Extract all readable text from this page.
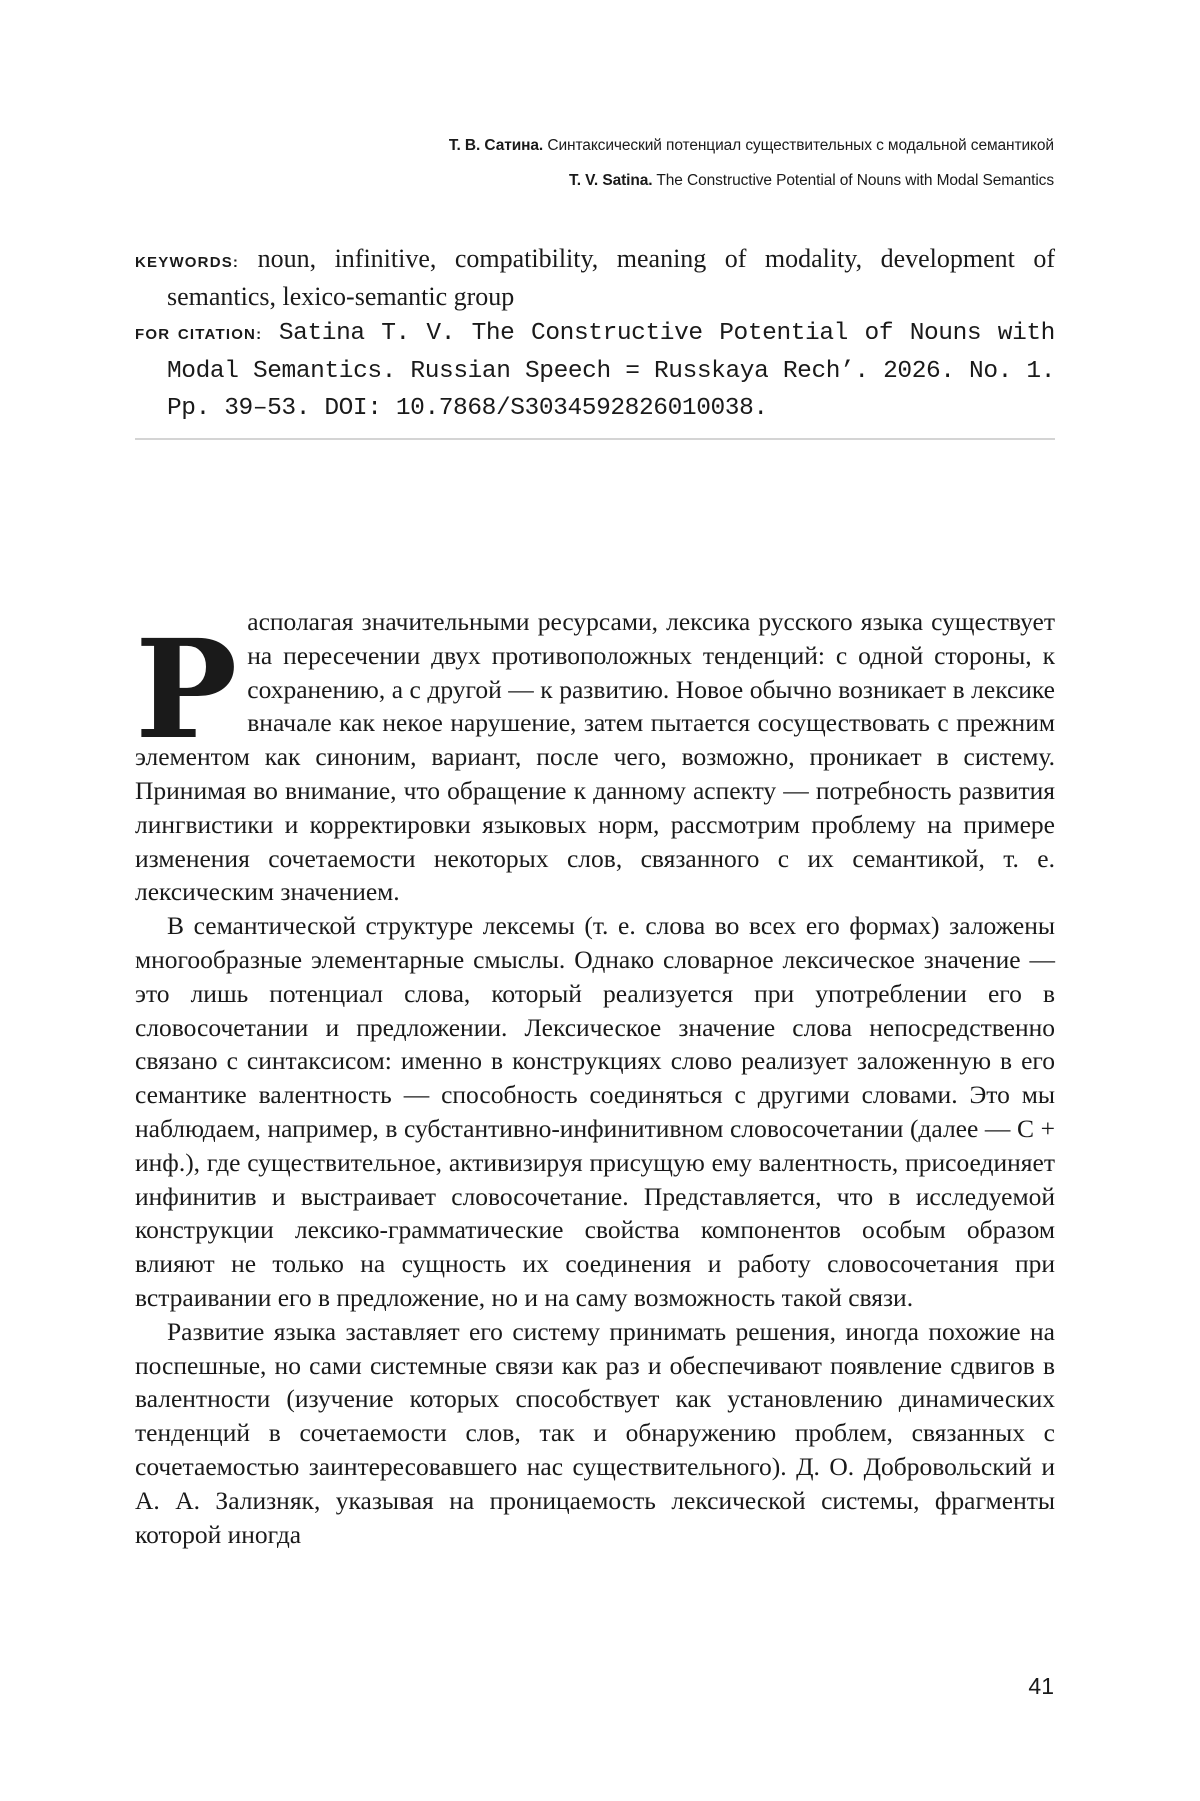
Т. В. Сатина. Синтаксический потенциал существительных с модальной семантикой
T. V. Satina. The Constructive Potential of Nouns with Modal Semantics

KEYWORDS: noun, infinitive, compatibility, meaning of modality, development of semantics, lexico-semantic group

FOR CITATION: Satina T. V. The Constructive Potential of Nouns with Modal Semantics. Russian Speech = Russkaya Rech’. 2026. No. 1. Pp. 39–53. DOI: 10.7868/S3034592826010038.

Располагая значительными ресурсами, лексика русского языка существует на пересечении двух противоположных тенденций: с одной стороны, к сохранению, а с другой — к развитию. Новое обычно возникает в лексике вначале как некое нарушение, затем пытается сосуществовать с прежним элементом как синоним, вариант, после чего, возможно, проникает в систему. Принимая во внимание, что обращение к данному аспекту — потребность развития лингвистики и корректировки языковых норм, рассмотрим проблему на примере изменения сочетаемости некоторых слов, связанного с их семантикой, т. е. лексическим значением.

В семантической структуре лексемы (т. е. слова во всех его формах) заложены многообразные элементарные смыслы. Однако словарное лексическое значение — это лишь потенциал слова, который реализуется при употреблении его в словосочетании и предложении. Лексическое значение слова непосредственно связано с синтаксисом: именно в конструкциях слово реализует заложенную в его семантике валентность — способность соединяться с другими словами. Это мы наблюдаем, например, в субстантивно-инфинитивном словосочетании (далее — С + инф.), где существительное, активизируя присущую ему валентность, присоединяет инфинитив и выстраивает словосочетание. Представляется, что в исследуемой конструкции лексико-грамматические свойства компонентов особым образом влияют не только на сущность их соединения и работу словосочетания при встраивании его в предложение, но и на саму возможность такой связи.

Развитие языка заставляет его систему принимать решения, иногда похожие на поспешные, но сами системные связи как раз и обеспечивают появление сдвигов в валентности (изучение которых способствует как установлению динамических тенденций в сочетаемости слов, так и обнаружению проблем, связанных с сочетаемостью заинтересовавшего нас существительного). Д. О. Добровольский и А. А. Зализняк, указывая на проницаемость лексической системы, фрагменты которой иногда

41
